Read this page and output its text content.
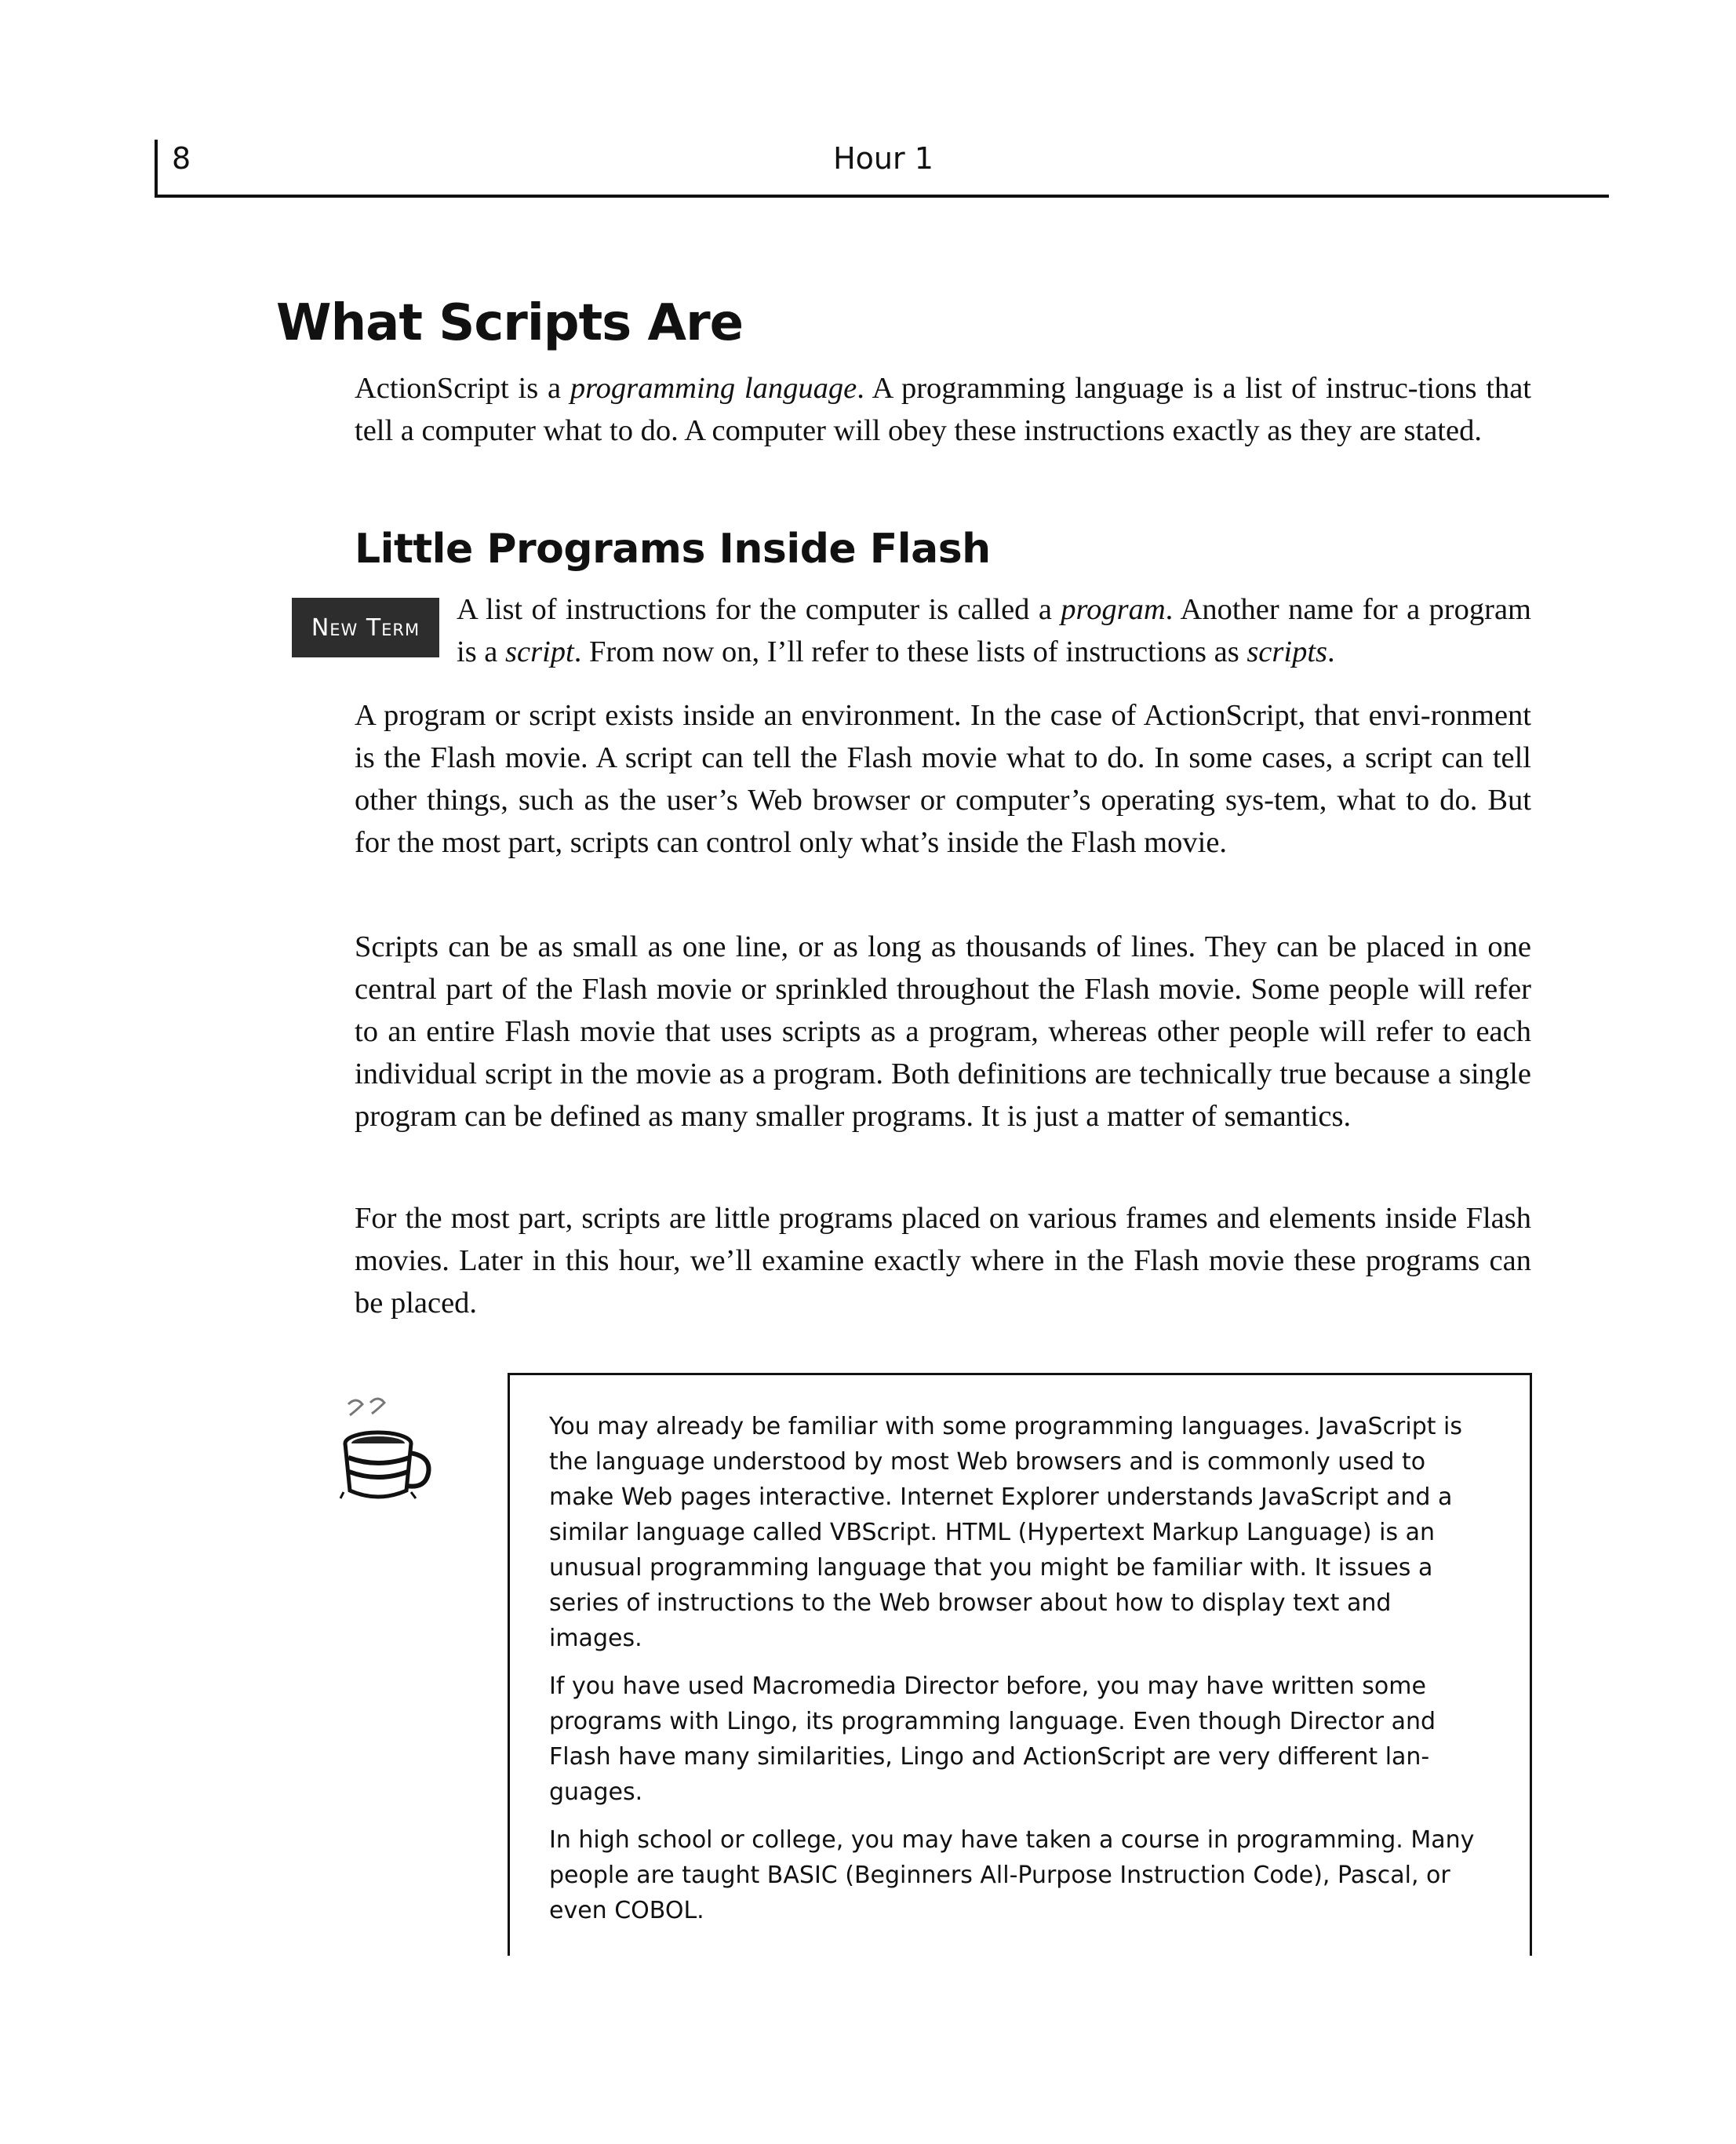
8	Hour 1
What Scripts Are

ActionScript is a programming language. A programming language is a list of instruc-tions that tell a computer what to do. A computer will obey these instructions exactly as they are stated.

Little Programs Inside Flash
New Term

A list of instructions for the computer is called a program. Another name for a program is a script. From now on, I’ll refer to these lists of instructions as scripts.

A program or script exists inside an environment. In the case of ActionScript, that envi-ronment is the Flash movie. A script can tell the Flash movie what to do. In some cases, a script can tell other things, such as the user’s Web browser or computer’s operating sys-tem, what to do. But for the most part, scripts can control only what’s inside the Flash movie.

Scripts can be as small as one line, or as long as thousands of lines. They can be placed in one central part of the Flash movie or sprinkled throughout the Flash movie. Some people will refer to an entire Flash movie that uses scripts as a program, whereas other people will refer to each individual script in the movie as a program. Both definitions are technically true because a single program can be defined as many smaller programs. It is just a matter of semantics.

For the most part, scripts are little programs placed on various frames and elements inside Flash movies. Later in this hour, we’ll examine exactly where in the Flash movie these programs can be placed.

You may already be familiar with some programming languages. JavaScript is the language understood by most Web browsers and is commonly used to make Web pages interactive. Internet Explorer understands JavaScript and a similar language called VBScript. HTML (Hypertext Markup Language) is an unusual programming language that you might be familiar with. It issues a series of instructions to the Web browser about how to display text and images.

If you have used Macromedia Director before, you may have written some programs with Lingo, its programming language. Even though Director and Flash have many similarities, Lingo and ActionScript are very different lan-guages.

In high school or college, you may have taken a course in programming. Many people are taught BASIC (Beginners All-Purpose Instruction Code), Pascal, or even COBOL.
